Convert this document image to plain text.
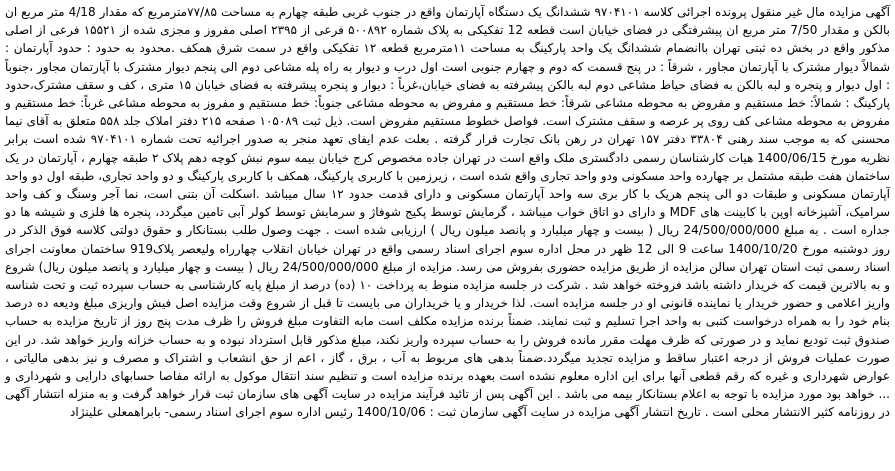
آگهی مزایده مال غیر منقول پرونده اجرائی کلاسه ۹۷۰۴۱۰۱ ششدانگ یک دستگاه آپارتمان واقع در جنوب غربی طبقه چهارم به مساحت ۷۷/۸۵مترمربع که مقدار 4/18 متر مربع ان بالکن و مقدار 7/50 متر مربع ان پیشرفتگی در فضای خیابان است قطعه 12 تفکیکی به پلاک شماره ۵۰۰۸۹۲ فرعی از ۲۳۹۵ اصلی مفروز و مجزی شده از ۱۵۵۲۱ فرعی از اصلی مذکور واقع در بخش ده ثبتی تهران باانضمام ششدانگ یک واحد پارکینگ به مساحت ۱۱مترمربع قطعه ۱۲ تفکیکی واقع در سمت شرق همکف .محدود به حدود : حدود آپارتمان : شمالاً دیوار مشترک با آپارتمان مجاور ، شرقاً : در پنج قسمت که دوم و چهارم جنوبی است اول درب و دیوار به راه پله مشاعی دوم الی پنجم دیوار مشترک با آپارتمان مجاور ،جنوباً : اول دیوار و پنجره و لبه بالکن به فضای حیاط مشاعی دوم لبه بالکن پیشرفته به فضای خیابان،غرباً : دیوار و پنجره پیشرفته به فضای خیابان ۱۵ متری ، کف و سقف مشترک،حدود پارکینگ : شمالاً: خط مستقیم و مفروض به محوطه مشاعی شرقاً: خط مستقیم و مفروض به محوطه مشاعی جنوباً: خط مستقیم و مفروز به محوطه مشاعی غرباً: خط مستقیم و مفروض به محوطه مشاعی کف روی پر عرصه و سقف مشترک است. فواصل خطوط مستقیم مفروض است. ذیل ثبت ۱۰۵۰۸۹ صفحه ۲۱۵ دفتر املاک جلد ۵۵۸ متعلق به آقای نیما محسنی که به موجب سند رهنی ۳۳۸۰۴ دفتر ۱۵۷ تهران در رهن بانک تجارت قرار گرفته . بعلت عدم ایفای تعهد منجر به صدور اجرائیه تحت شماره ۹۷۰۴۱۰۱ شده است برابر نظریه مورخ 1400/06/15 هیات کارشناسان رسمی دادگستری ملک واقع است در تهران جاده مخصوص کرج خیابان بیمه سوم نبش کوچه دهم پلاک ۲ طبقه چهارم ، آپارتمان در یک ساختمان هفت طبقه مشتمل بر چهارده واحد مسکونی ودو واحد تجاری واقع شده است ، زیرزمین با کاربری پارکینگ، همکف با کاربری پارکینگ و دو واحد تجاری، طبقه اول دو واحد آپارتمان مسکونی و طبقات دو الی پنجم هریک با کار بری سه واحد آپارتمان مسکونی و دارای قدمت حدود ۱۲ سال میباشد .اسکلت آن بتنی است، نما آجر وسنگ و کف واحد سرامیک، آشپزخانه اوپن با کابینت های MDF و دارای دو اتاق خواب میباشد ، گرمایش توسط پکیج شوفاژ و سرمایش توسط کولر آبی تامین میگردد، پنجره ها فلزی و شیشه ها دو جداره است . به مبلغ 24/500/000/000 ریال ( بیست و چهار میلیارد و پانصد میلون ریال ) ارزیابی شده است . جهت وصول طلب بستانکار و حقوق دولتی کلاسه فوق الذکر در روز دوشنبه مورخ 1400/10/20 ساعت 9 الی 12 ظهر در محل اداره سوم اجرای اسناد رسمی واقع در تهران خیابان انقلاب چهارراه ولیعصر پلاک919 ساختمان معاونت اجرای اسناد رسمی ثبت استان تهران سالن مزایده از طریق مزایده حضوری بفروش می رسد. مزایده از مبلغ 24/500/000/000 ریال ( بیست و چهار میلیارد و پانصد میلون ریال) شروع و به بالاترین قیمت که خریدار داشته باشد فروخته خواهد شد . شرکت در جلسه مزایده منوط به پرداخت ۱۰ (ده) درصد از مبلغ پایه کارشناسی به حساب سپرده ثبت و تحت شناسه واریز اعلامی و حضور خریدار یا نماینده قانونی او در جلسه مزایده است. لذا خریدار و یا خریداران می بایست تا قبل از شروع وقت مزایده اصل فیش واریزی مبلغ ودیعه ده درصد بنام خود را به همراه درخواست کتبی به واحد اجرا تسلیم و ثبت نمایند. ضمناً برنده مزایده مکلف است مابه التفاوت مبلغ فروش را ظرف مدت پنج روز از تاریخ مزایده به حساب صندوق ثبت تودیع نماید و در صورتی که ظرف مهلت مقرر مانده فروش را به حساب سپرده واریز نکند، مبلغ مذکور قابل استرداد نبوده و به حساب خزانه واریز خواهد شد. در این صورت عملیات فروش از درجه اعتبار ساقط و مزایده تجدید میگردد.ضمناً بدهی های مربوط به آب ، برق ، گاز ، اعم از حق انشعاب و اشتراک و مصرف و نیز بدهی مالیاتی ، عوارض شهرداری و غیره که رقم قطعی آنها برای این اداره معلوم نشده است بعهده برنده مزایده است و تنظیم سند انتقال موکول به ارائه مفاصا حسابهای دارایی و شهرداری و ... خواهد بود مورد مزایده با توجه به اعلام بستانکار بیمه می باشد . این آگهی پس از تائید فرآیند مزایده در سایت آگهی های سازمان ثبت قرار خواهد گرفت و به منزله انتشار آگهی در روزنامه کثیر الانتشار محلی است . تاریخ انتشار آگهی مزایده در سایت آگهی سازمان ثبت : 1400/10/06 رئیس اداره سوم اجرای اسناد رسمی- بابراهمعلی علینژاد
